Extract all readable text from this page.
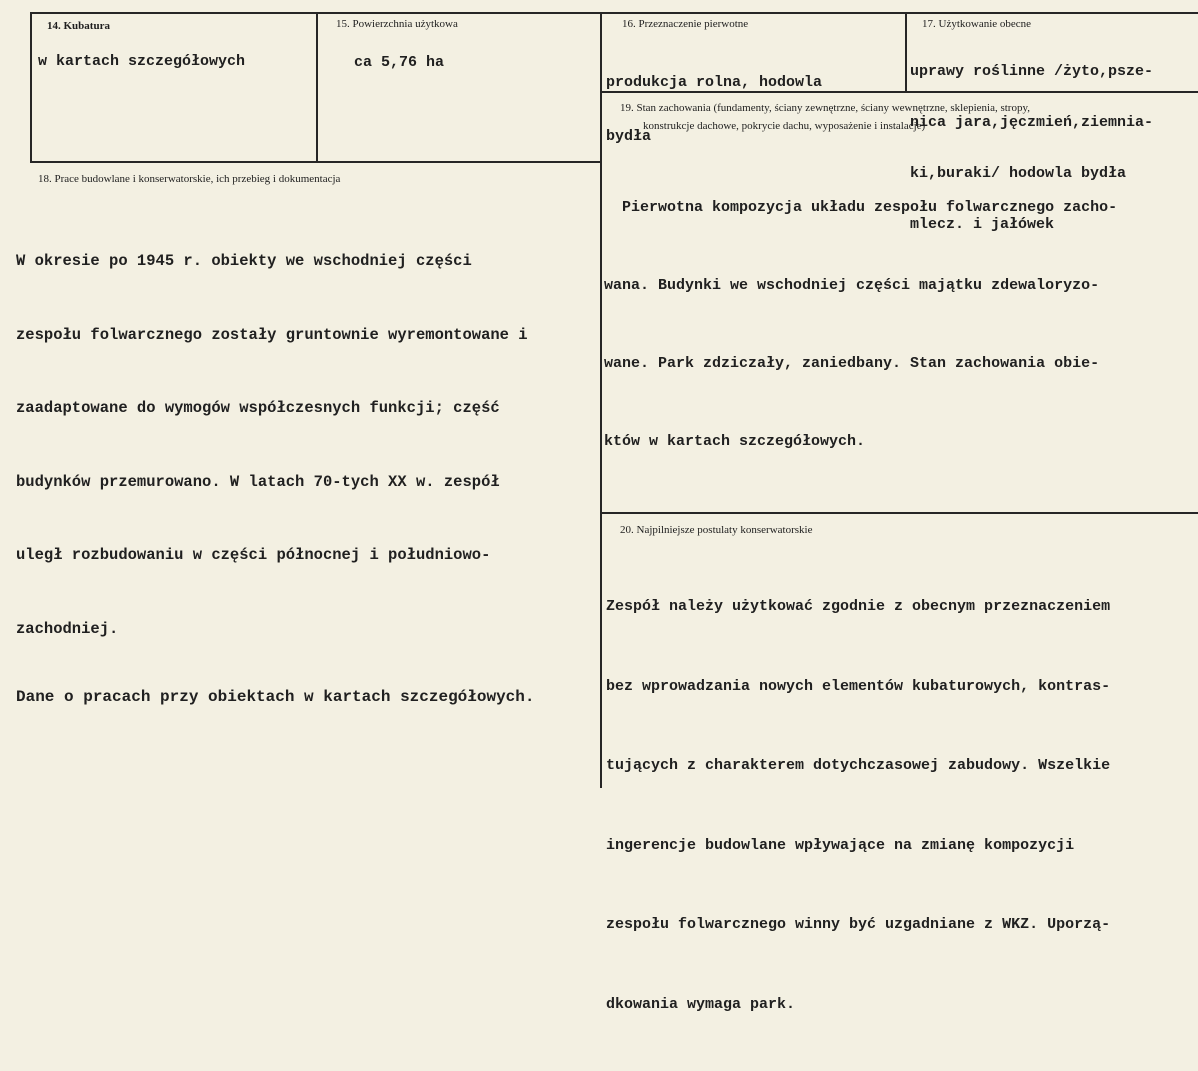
14. Kubatura
w kartach szczegółowych
15. Powierzchnia użytkowa
ca 5,76 ha
16. Przeznaczenie pierwotne

produkcja rolna, hodowla

bydła

17. Użytkowanie obecne

uprawy roślinne /żyto,psze-

nica jara,jęczmień,ziemnia-

ki,buraki/ hodowla bydła

mlecz. i jałówek

18. Prace budowlane i konserwatorskie, ich przebieg i dokumentacja

W okresie po 1945 r. obiekty we wschodniej części

zespołu folwarcznego zostały gruntownie wyremontowane i

zaadaptowane do wymogów współczesnych funkcji; część

budynków przemurowano. W latach 70-tych XX w. zespół

uległ rozbudowaniu w części północnej i południowo-

zachodniej.

Dane o pracach przy obiektach w kartach szczegółowych.

19. Stan zachowania (fundamenty, ściany zewnętrzne, ściany wewnętrzne, sklepienia, stropy,
konstrukcje dachowe, pokrycie dachu, wyposażenie i instalacje)

Pierwotna kompozycja układu zespołu folwarcznego zacho-

wana. Budynki we wschodniej części majątku zdewaloryzo-

wane. Park zdziczały, zaniedbany. Stan zachowania obie-

któw w kartach szczegółowych.

20. Najpilniejsze postulaty konserwatorskie

Zespół należy użytkować zgodnie z obecnym przeznaczeniem

bez wprowadzania nowych elementów kubaturowych, kontras-

tujących z charakterem dotychczasowej zabudowy. Wszelkie

ingerencje budowlane wpływające na zmianę kompozycji

zespołu folwarcznego winny być uzgadniane z WKZ. Uporzą-

dkowania wymaga park.
